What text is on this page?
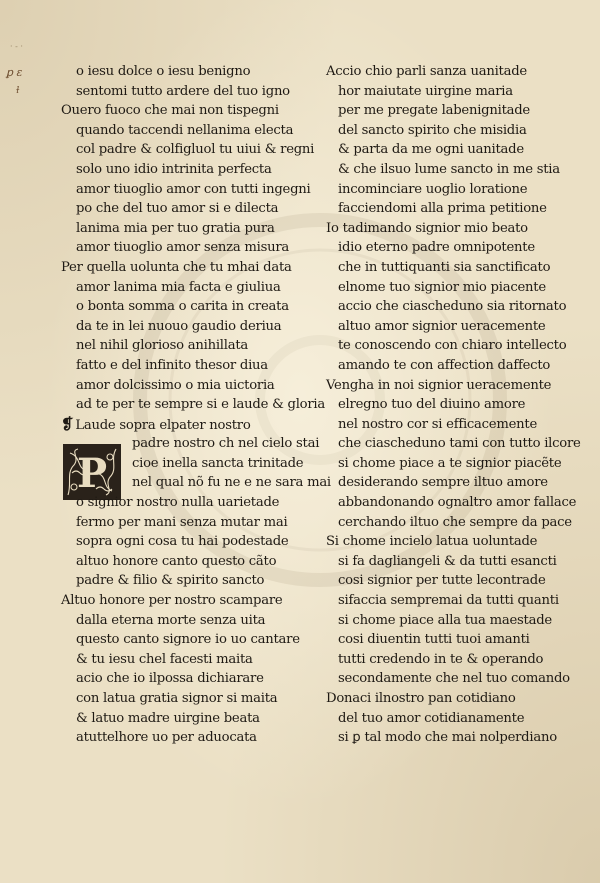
· ‐ ·
ꝑ ε
ɫ
P
o iesu dolce o iesu benigno
sentomi tutto ardere del tuo igno
Ouero fuoco che mai non tispegni
quando taccendi nellanima electa
col padre & colfigluol tu uiui & regni
solo uno idio intrinita perfecta
amor tiuoglio amor con tutti ingegni
po che del tuo amor si e dilecta
lanima mia per tuo gratia pura
amor tiuoglio amor senza misura
Per quella uolunta che tu mhai data
amor lanima mia facta e giuliua
o bonta somma o carita in creata
da te in lei nuouo gaudio deriua
nel nihil glorioso anihillata
fatto e del infinito thesor diua
amor dolcissimo o mia uictoria
ad te per te sempre si e laude & gloria
❡ Laude sopra elpater nostro
padre nostro ch nel cielo stai
cioe inella sancta trinitade
nel qual nõ fu ne e ne sara mai
o signior nostro nulla uarietade
fermo per mani senza mutar mai
sopra ogni cosa tu hai podestade
altuo honore canto questo cãto
padre & filio & spirito sancto
Altuo honore per nostro scampare
dalla eterna morte senza uita
questo canto signore io uo cantare
& tu iesu chel facesti maita
acio che io ilpossa dichiarare
con latua gratia signor si maita
& latuo madre uirgine beata
atuttelhore uo per aduocata
Accio chio parli sanza uanitade
hor maiutate uirgine maria
per me pregate labenignitade
del sancto spirito che misidia
& parta da me ogni uanitade
& che ilsuo lume sancto in me stia
incominciare uoglio loratione
facciendomi alla prima petitione
Io tadimando signior mio beato
idio eterno padre omnipotente
che in tuttiquanti sia sanctificato
elnome tuo signior mio piacente
accio che ciascheduno sia ritornato
altuo amor signior ueracemente
te conoscendo con chiaro intellecto
amando te con affection daffecto
Vengha in noi signior ueracemente
elregno tuo del diuino amore
nel nostro cor si efficacemente
che ciascheduno tami con tutto ilcore
si chome piace a te signior piacẽte
desiderando sempre iltuo amore
abbandonando ognaltro amor fallace
cerchando iltuo che sempre da pace
Si chome incielo latua uoluntade
si fa dagliangeli & da tutti esancti
cosi signior per tutte lecontrade
sifaccia sempremai da tutti quanti
si chome piace alla tua maestade
cosi diuentin tutti tuoi amanti
tutti credendo in te & operando
secondamente che nel tuo comando
Donaci ilnostro pan cotidiano
del tuo amor cotidianamente
si ꝑ tal modo che mai nolperdiano
